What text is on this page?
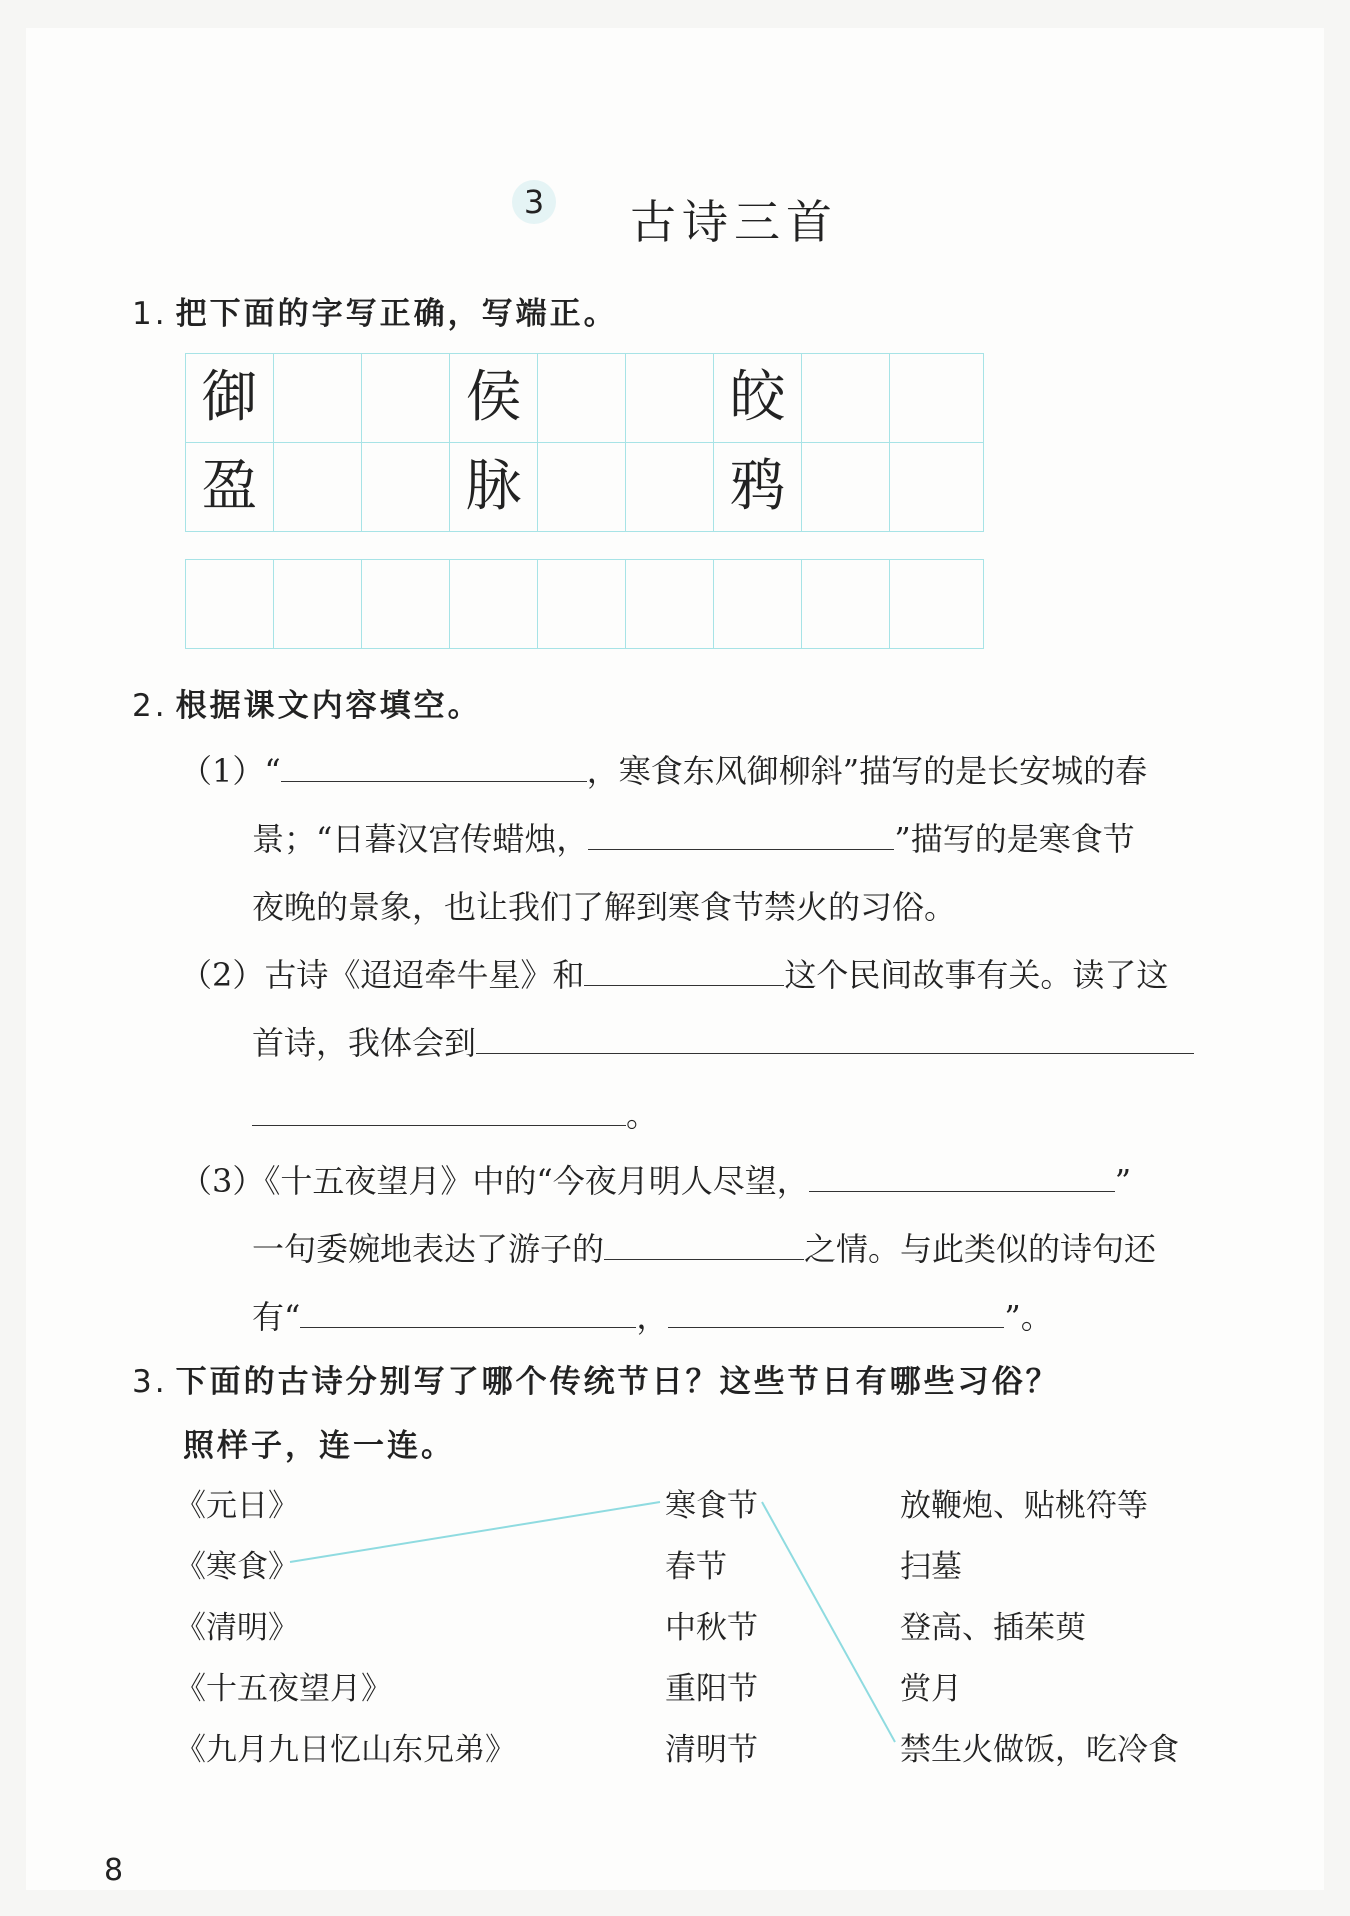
3 古诗三首
1. 把下面的字写正确，写端正。
御	侯	皎
盈	脉	鸦
2. 根据课文内容填空。
（1）“	，寒食东风御柳斜”描写的是长安城的春
景；“日暮汉宫传蜡烛，	”描写的是寒食节
夜晚的景象，也让我们了解到寒食节禁火的习俗。
（2）古诗《迢迢牵牛星》和	这个民间故事有关。读了这
首诗，我体会到
。
（3）《十五夜望月》中的“今夜月明人尽望，	”
一句委婉地表达了游子的	之情。与此类似的诗句还
有“	，	”。
3. 下面的古诗分别写了哪个传统节日？这些节日有哪些习俗？
照样子，连一连。
《元日》
《寒食》
《清明》
《十五夜望月》
《九月九日忆山东兄弟》
寒食节
春节
中秋节
重阳节
清明节
放鞭炮、贴桃符等
扫墓
登高、插茱萸
赏月
禁生火做饭，吃冷食
8
